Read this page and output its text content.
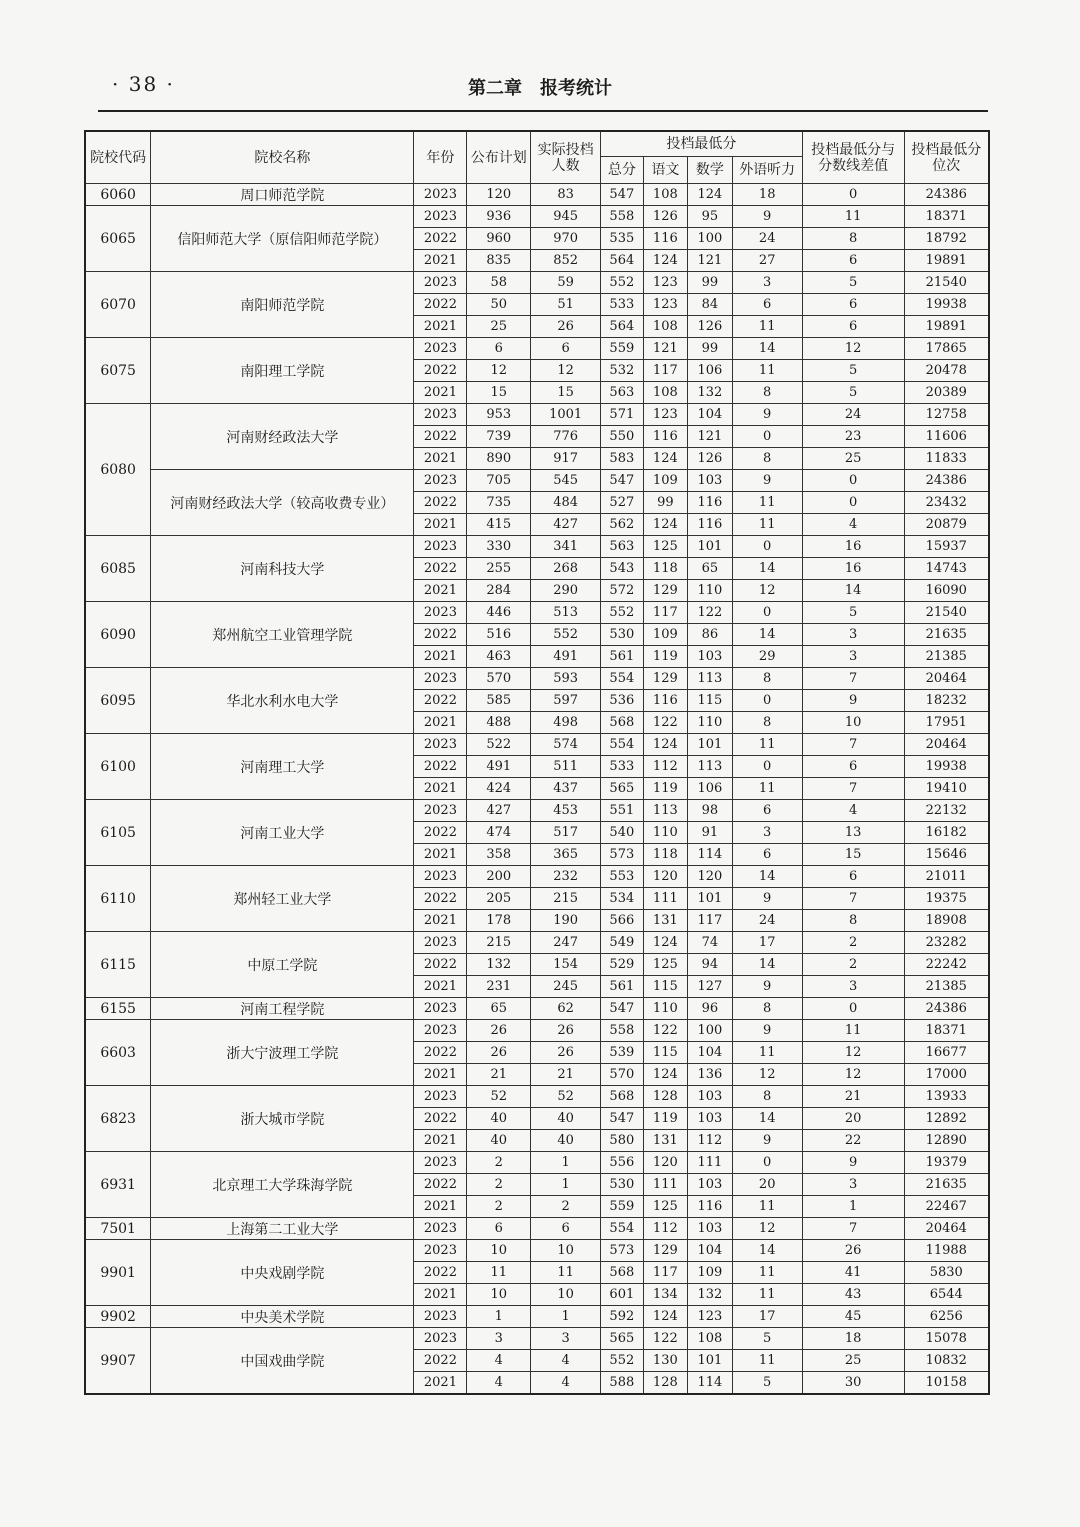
· 38 ·	第二章　报考统计
院校代码	院校名称	年份	公布计划	实际投档人数	投档最低分				投档最低分与分数线差值	投档最低分位次
					总分	语文	数学	外语听力		
6060	周口师范学院	2023	120	83	547	108	124	18	0	24386
6065	信阳师范大学（原信阳师范学院）	2023	936	945	558	126	95	9	11	18371
		2022	960	970	535	116	100	24	8	18792
		2021	835	852	564	124	121	27	6	19891
6070	南阳师范学院	2023	58	59	552	123	99	3	5	21540
		2022	50	51	533	123	84	6	6	19938
		2021	25	26	564	108	126	11	6	19891
6075	南阳理工学院	2023	6	6	559	121	99	14	12	17865
		2022	12	12	532	117	106	11	5	20478
		2021	15	15	563	108	132	8	5	20389
6080	河南财经政法大学	2023	953	1001	571	123	104	9	24	12758
		2022	739	776	550	116	121	0	23	11606
		2021	890	917	583	124	126	8	25	11833
	河南财经政法大学（较高收费专业）	2023	705	545	547	109	103	9	0	24386
		2022	735	484	527	99	116	11	0	23432
		2021	415	427	562	124	116	11	4	20879
6085	河南科技大学	2023	330	341	563	125	101	0	16	15937
		2022	255	268	543	118	65	14	16	14743
		2021	284	290	572	129	110	12	14	16090
6090	郑州航空工业管理学院	2023	446	513	552	117	122	0	5	21540
		2022	516	552	530	109	86	14	3	21635
		2021	463	491	561	119	103	29	3	21385
6095	华北水利水电大学	2023	570	593	554	129	113	8	7	20464
		2022	585	597	536	116	115	0	9	18232
		2021	488	498	568	122	110	8	10	17951
6100	河南理工大学	2023	522	574	554	124	101	11	7	20464
		2022	491	511	533	112	113	0	6	19938
		2021	424	437	565	119	106	11	7	19410
6105	河南工业大学	2023	427	453	551	113	98	6	4	22132
		2022	474	517	540	110	91	3	13	16182
		2021	358	365	573	118	114	6	15	15646
6110	郑州轻工业大学	2023	200	232	553	120	120	14	6	21011
		2022	205	215	534	111	101	9	7	19375
		2021	178	190	566	131	117	24	8	18908
6115	中原工学院	2023	215	247	549	124	74	17	2	23282
		2022	132	154	529	125	94	14	2	22242
		2021	231	245	561	115	127	9	3	21385
6155	河南工程学院	2023	65	62	547	110	96	8	0	24386
6603	浙大宁波理工学院	2023	26	26	558	122	100	9	11	18371
		2022	26	26	539	115	104	11	12	16677
		2021	21	21	570	124	136	12	12	17000
6823	浙大城市学院	2023	52	52	568	128	103	8	21	13933
		2022	40	40	547	119	103	14	20	12892
		2021	40	40	580	131	112	9	22	12890
6931	北京理工大学珠海学院	2023	2	1	556	120	111	0	9	19379
		2022	2	1	530	111	103	20	3	21635
		2021	2	2	559	125	116	11	1	22467
7501	上海第二工业大学	2023	6	6	554	112	103	12	7	20464
9901	中央戏剧学院	2023	10	10	573	129	104	14	26	11988
		2022	11	11	568	117	109	11	41	5830
		2021	10	10	601	134	132	11	43	6544
9902	中央美术学院	2023	1	1	592	124	123	17	45	6256
9907	中国戏曲学院	2023	3	3	565	122	108	5	18	15078
		2022	4	4	552	130	101	11	25	10832
		2021	4	4	588	128	114	5	30	10158
